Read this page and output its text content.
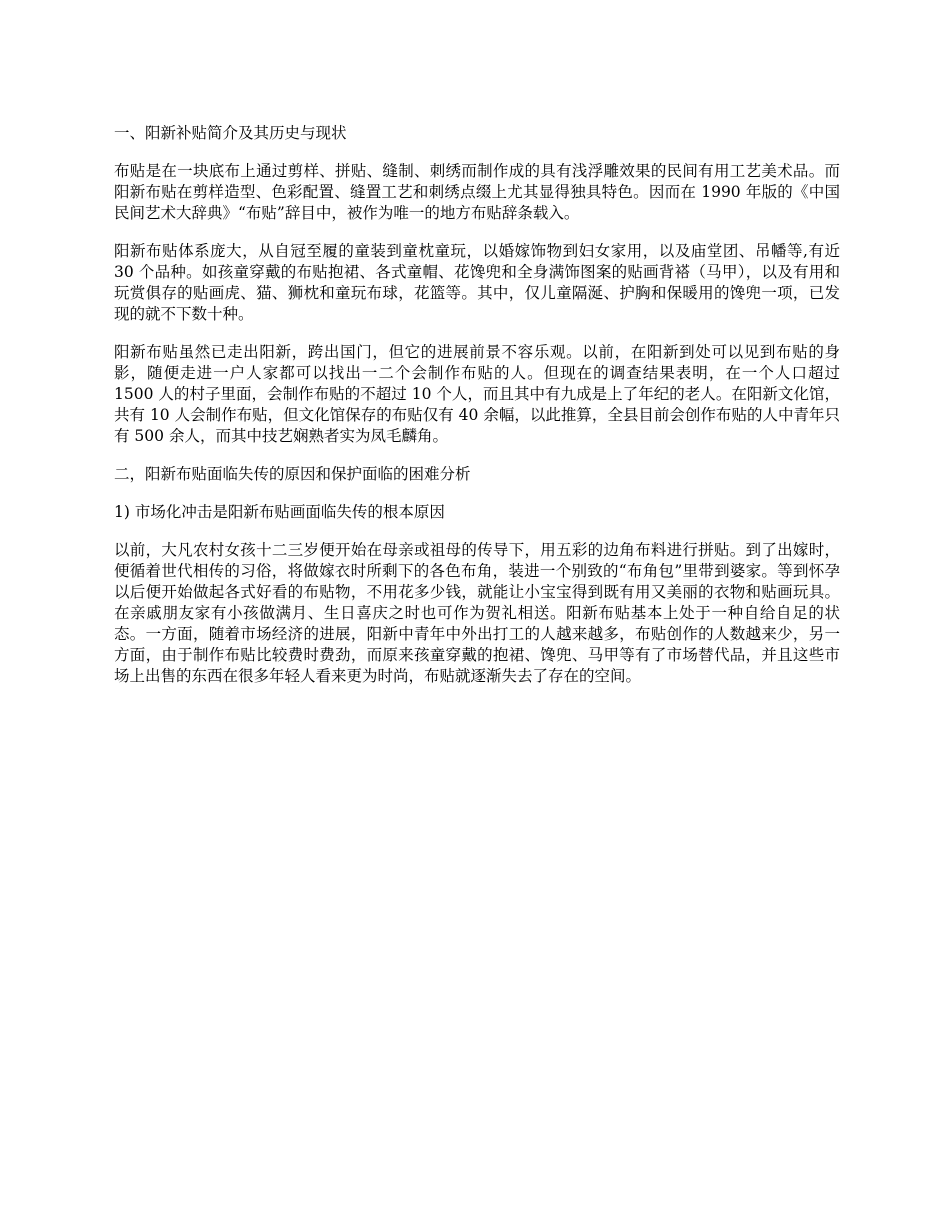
一、阳新补贴简介及其历史与现状
布贴是在一块底布上通过剪样、拼贴、缝制、刺绣而制作成的具有浅浮雕效果的民间有用工艺美术品。而阳新布贴在剪样造型、色彩配置、缝置工艺和刺绣点缀上尤其显得独具特色。因而在 1990 年版的《中国民间艺术大辞典》“布贴”辞目中，被作为唯一的地方布贴辞条载入。
阳新布贴体系庞大，从自冠至履的童装到童枕童玩，以婚嫁饰物到妇女家用，以及庙堂团、吊幡等,有近 30 个品种。如孩童穿戴的布贴抱裙、各式童帽、花馋兜和全身满饰图案的贴画背褡（马甲），以及有用和玩赏俱存的贴画虎、猫、狮枕和童玩布球，花篮等。其中，仅儿童隔涎、护胸和保暖用的馋兜一项，已发现的就不下数十种。
阳新布贴虽然已走出阳新，跨出国门，但它的进展前景不容乐观。以前，在阳新到处可以见到布贴的身影，随便走进一户人家都可以找出一二个会制作布贴的人。但现在的调查结果表明，在一个人口超过 1500 人的村子里面，会制作布贴的不超过 10 个人，而且其中有九成是上了年纪的老人。在阳新文化馆，共有 10 人会制作布贴，但文化馆保存的布贴仅有 40 余幅，以此推算，全县目前会创作布贴的人中青年只有 500 余人，而其中技艺娴熟者实为凤毛麟角。
二，阳新布贴面临失传的原因和保护面临的困难分析
1) 市场化冲击是阳新布贴画面临失传的根本原因
以前，大凡农村女孩十二三岁便开始在母亲或祖母的传导下，用五彩的边角布料进行拼贴。到了出嫁时，便循着世代相传的习俗，将做嫁衣时所剩下的各色布角，装进一个别致的“布角包”里带到婆家。等到怀孕以后便开始做起各式好看的布贴物，不用花多少钱，就能让小宝宝得到既有用又美丽的衣物和贴画玩具。在亲戚朋友家有小孩做满月、生日喜庆之时也可作为贺礼相送。阳新布贴基本上处于一种自给自足的状态。一方面，随着市场经济的进展，阳新中青年中外出打工的人越来越多，布贴创作的人数越来少，另一方面，由于制作布贴比较费时费劲，而原来孩童穿戴的抱裙、馋兜、马甲等有了市场替代品，并且这些市场上出售的东西在很多年轻人看来更为时尚，布贴就逐渐失去了存在的空间。
